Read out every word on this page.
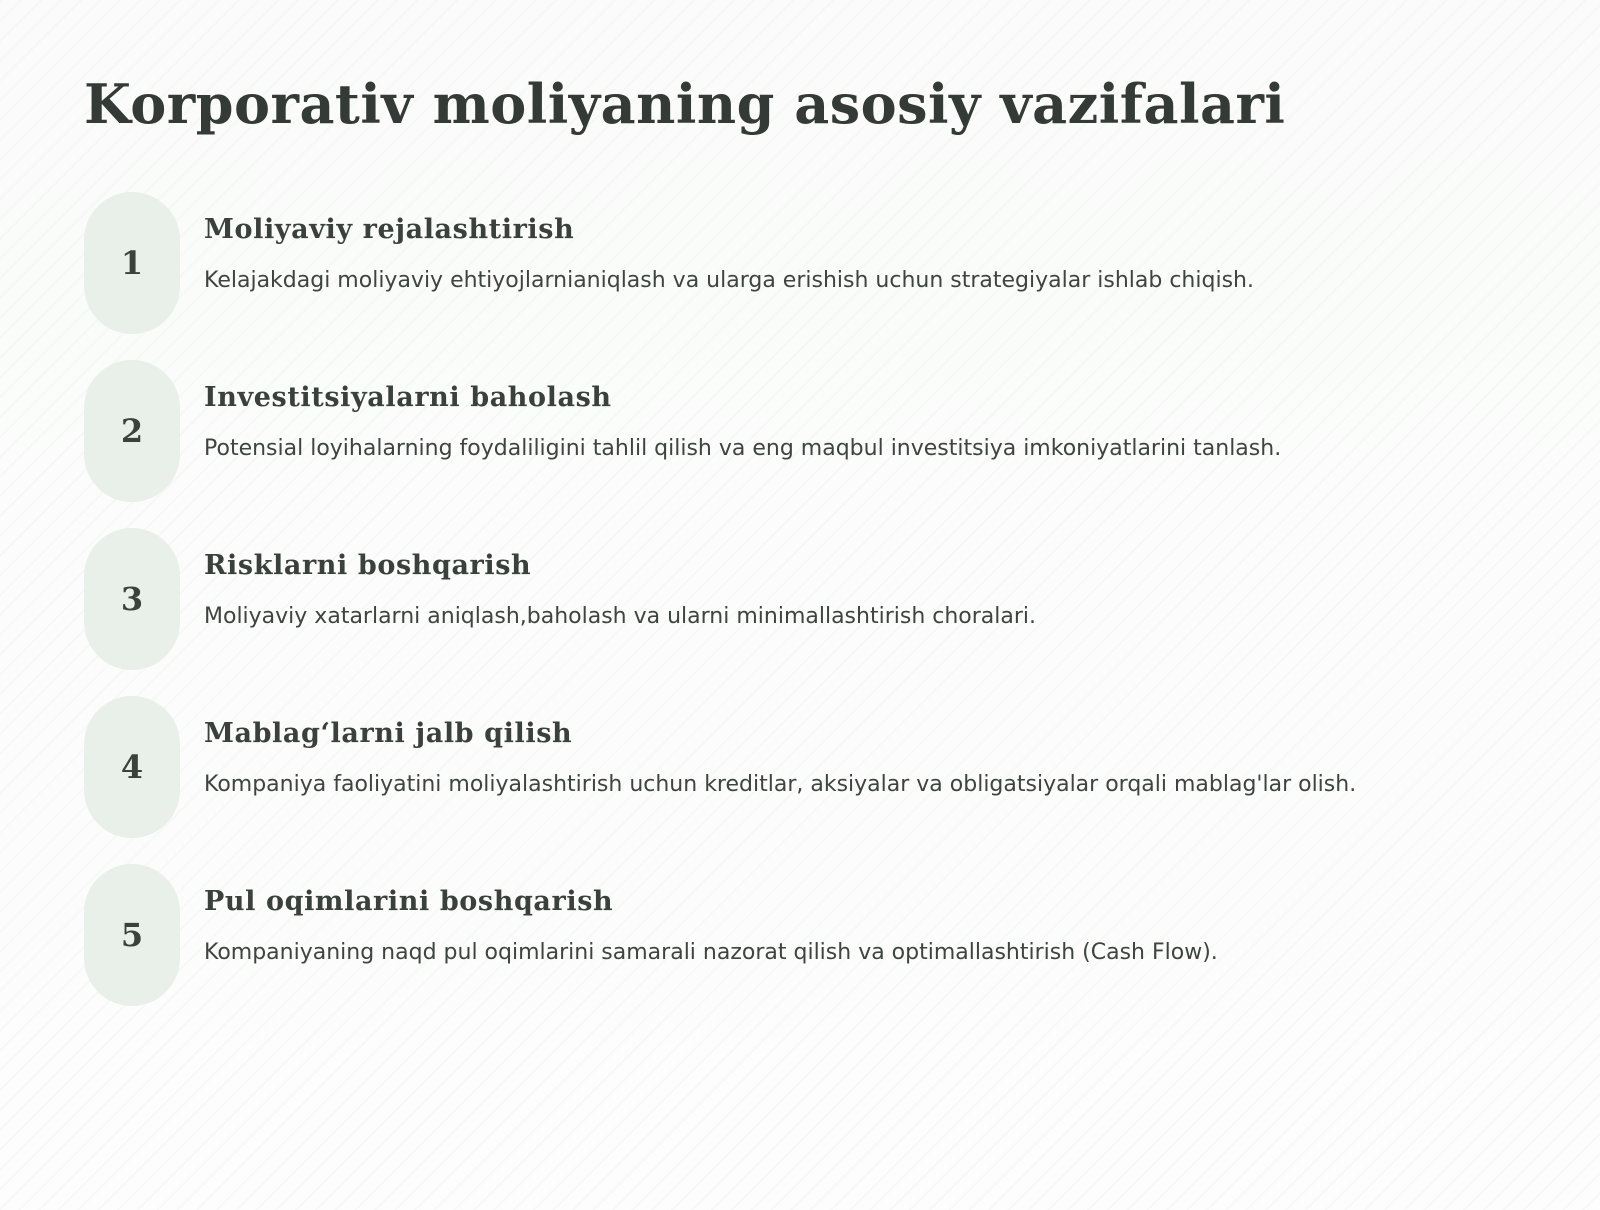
Korporativ moliyaning asosiy vazifalari
1
Moliyaviy rejalashtirish

Kelajakdagi moliyaviy ehtiyojlarnianiqlash va ularga erishish uchun strategiyalar ishlab chiqish.

2
Investitsiyalarni baholash

Potensial loyihalarning foydaliligini tahlil qilish va eng maqbul investitsiya imkoniyatlarini tanlash.

3
Risklarni boshqarish

Moliyaviy xatarlarni aniqlash,baholash va ularni minimallashtirish choralari.

4
Mablag‘larni jalb qilish

Kompaniya faoliyatini moliyalashtirish uchun kreditlar, aksiyalar va obligatsiyalar orqali mablag'lar olish.

5
Pul oqimlarini boshqarish

Kompaniyaning naqd pul oqimlarini samarali nazorat qilish va optimallashtirish (Cash Flow).
